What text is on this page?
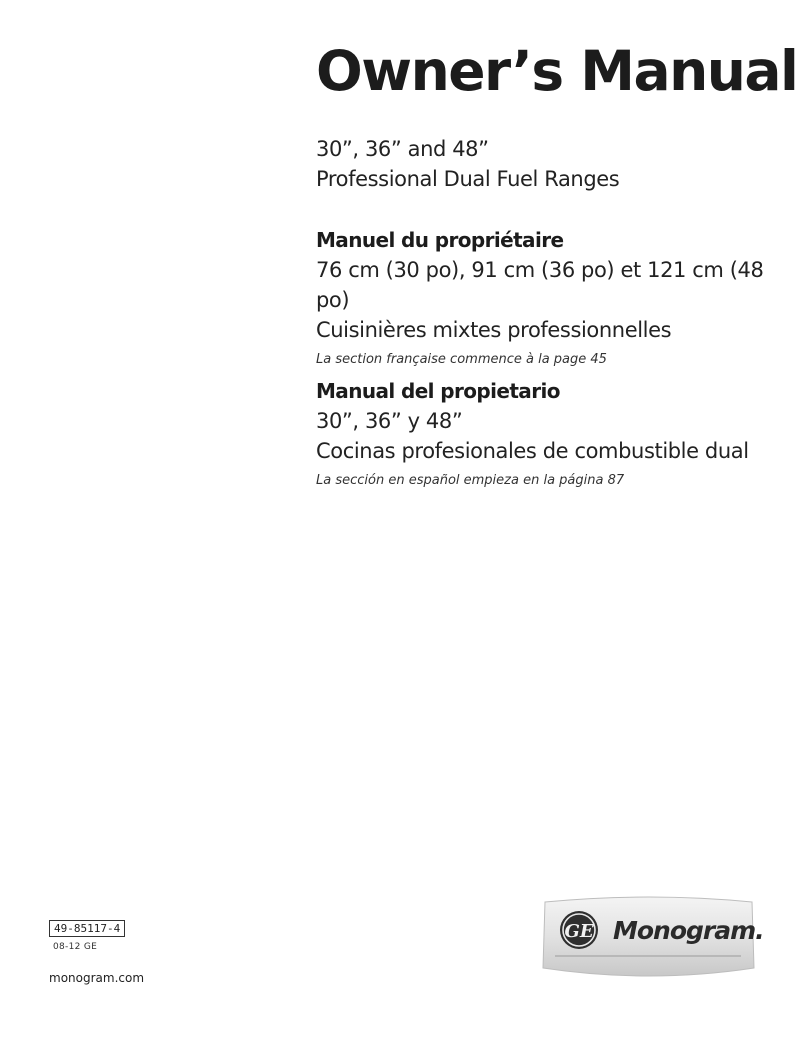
Owner’s Manual
30”, 36” and 48”
Professional Dual Fuel Ranges
Manuel du propriétaire
76 cm (30 po), 91 cm (36 po) et 121 cm (48 po)
Cuisinières mixtes professionnelles
La section française commence à la page 45
Manual del propietario
30”, 36” y 48”
Cocinas profesionales de combustible dual
La sección en español empieza en la página 87
49-85117-4
08-12 GE
monogram.com
GE Monogram.
